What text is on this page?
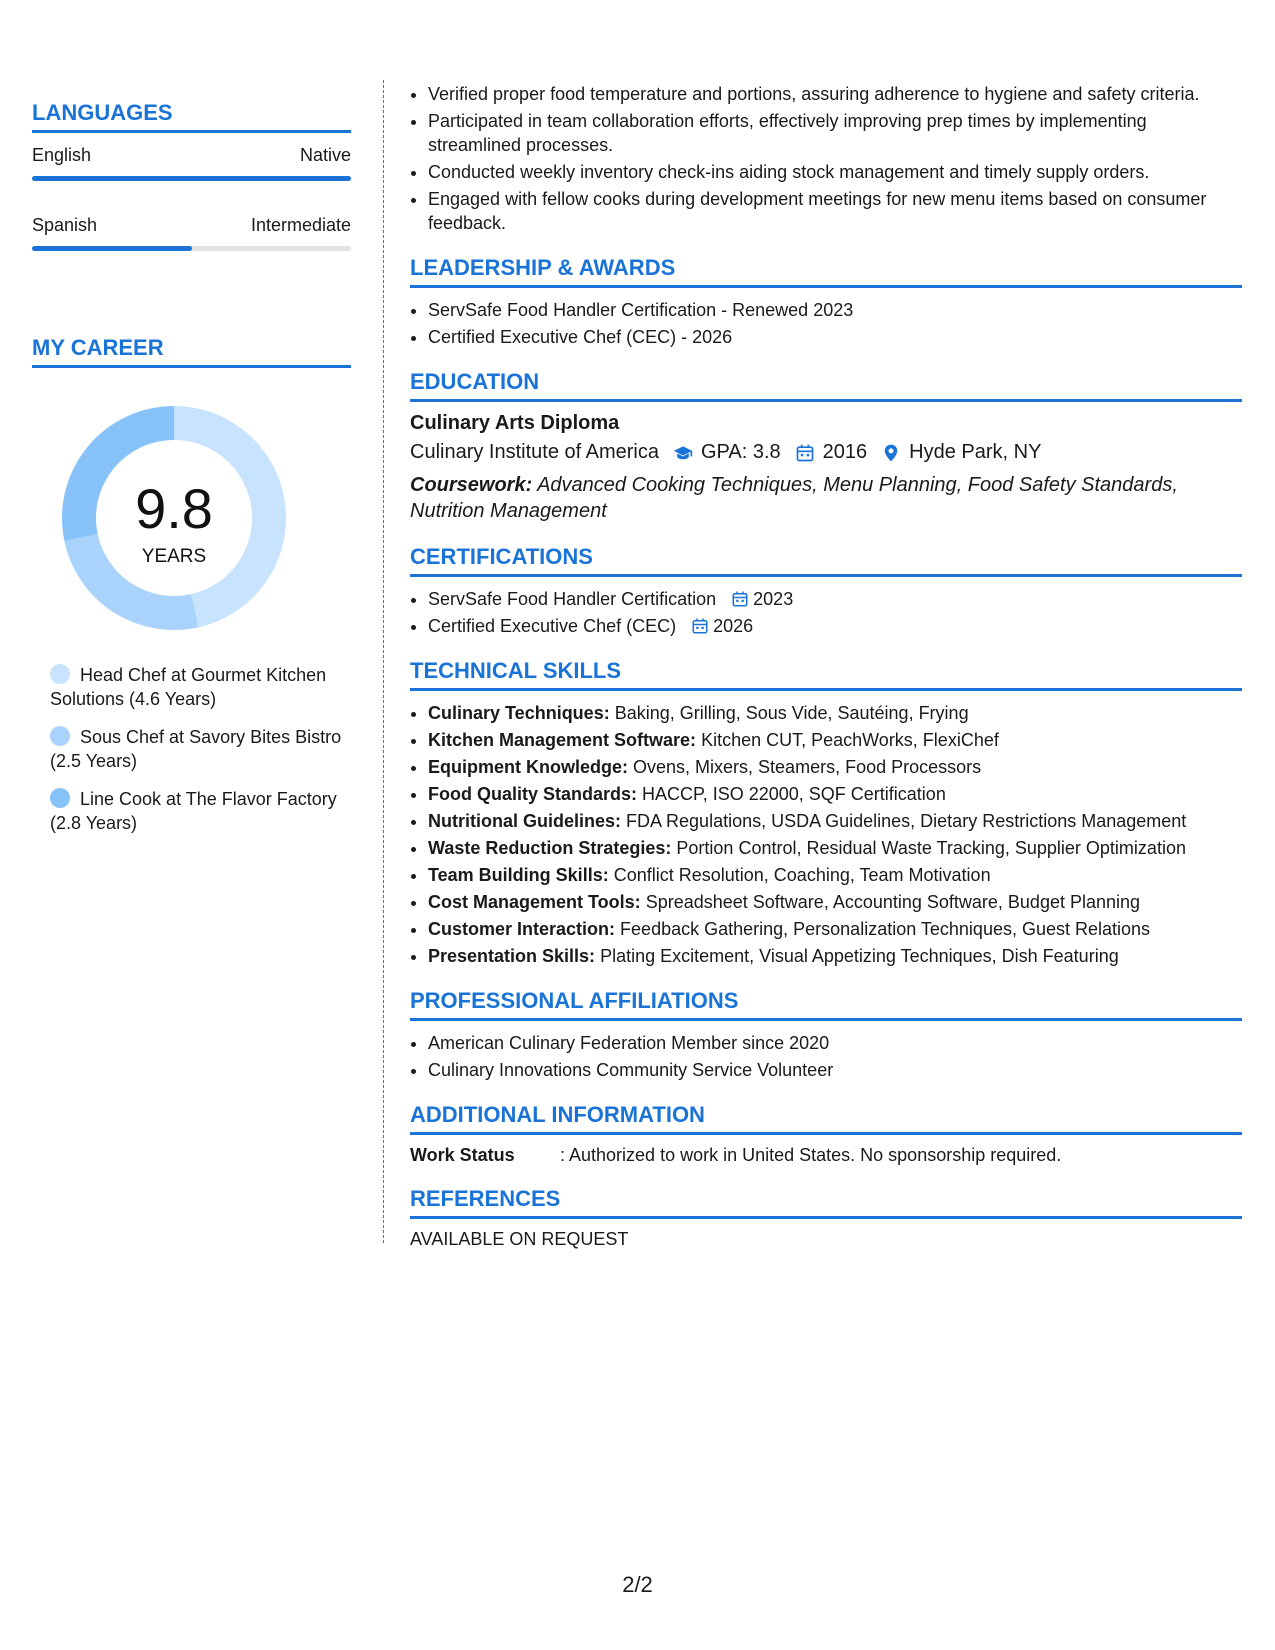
LANGUAGES
English	Native
Spanish	Intermediate
MY CAREER
9.8
YEARS
Head Chef at Gourmet Kitchen Solutions (4.6 Years)
Sous Chef at Savory Bites Bistro (2.5 Years)
Line Cook at The Flavor Factory (2.8 Years)
• Verified proper food temperature and portions, assuring adherence to hygiene and safety criteria.
• Participated in team collaboration efforts, effectively improving prep times by implementing streamlined processes.
• Conducted weekly inventory check-ins aiding stock management and timely supply orders.
• Engaged with fellow cooks during development meetings for new menu items based on consumer feedback.
LEADERSHIP & AWARDS
• ServSafe Food Handler Certification - Renewed 2023
• Certified Executive Chef (CEC) - 2026
EDUCATION
Culinary Arts Diploma
Culinary Institute of America GPA: 3.8 2016 Hyde Park, NY
Coursework: Advanced Cooking Techniques, Menu Planning, Food Safety Standards, Nutrition Management
CERTIFICATIONS
• ServSafe Food Handler Certification 2023
• Certified Executive Chef (CEC) 2026
TECHNICAL SKILLS
• Culinary Techniques: Baking, Grilling, Sous Vide, Sautéing, Frying
• Kitchen Management Software: Kitchen CUT, PeachWorks, FlexiChef
• Equipment Knowledge: Ovens, Mixers, Steamers, Food Processors
• Food Quality Standards: HACCP, ISO 22000, SQF Certification
• Nutritional Guidelines: FDA Regulations, USDA Guidelines, Dietary Restrictions Management
• Waste Reduction Strategies: Portion Control, Residual Waste Tracking, Supplier Optimization
• Team Building Skills: Conflict Resolution, Coaching, Team Motivation
• Cost Management Tools: Spreadsheet Software, Accounting Software, Budget Planning
• Customer Interaction: Feedback Gathering, Personalization Techniques, Guest Relations
• Presentation Skills: Plating Excitement, Visual Appetizing Techniques, Dish Featuring
PROFESSIONAL AFFILIATIONS
• American Culinary Federation Member since 2020
• Culinary Innovations Community Service Volunteer
ADDITIONAL INFORMATION
Work Status	: Authorized to work in United States. No sponsorship required.
REFERENCES
AVAILABLE ON REQUEST
2/2
